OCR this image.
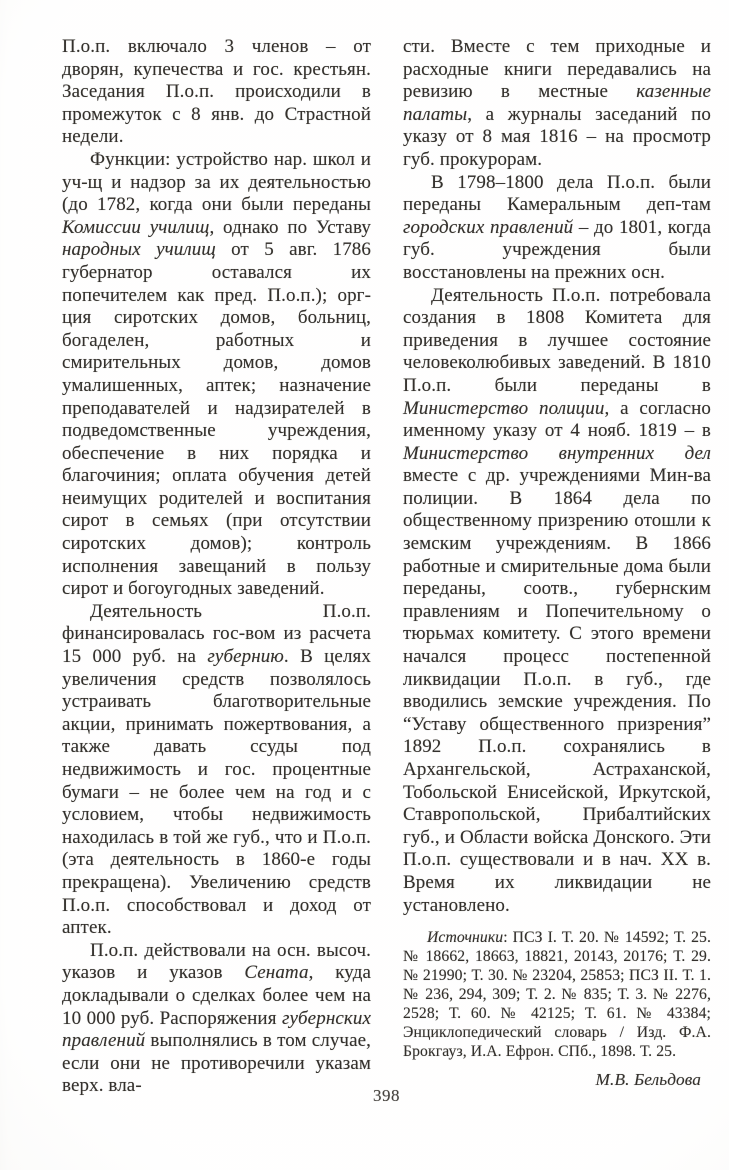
П.о.п. включало 3 членов – от дворян, купечества и гос. крестьян. Заседания П.о.п. происходили в промежуток с 8 янв. до Страстной недели.

Функции: устройство нар. школ и уч-щ и надзор за их деятельностью (до 1782, когда они были переданы Комиссии училищ, однако по Уставу народных училищ от 5 авг. 1786 губернатор оставался их попечителем как пред. П.о.п.); орг-ция сиротских домов, больниц, богаделен, работных и смирительных домов, домов умалишенных, аптек; назначение преподавателей и надзирателей в подведомственные учреждения, обеспечение в них порядка и благочиния; оплата обучения детей неимущих родителей и воспитания сирот в семьях (при отсутствии сиротских домов); контроль исполнения завещаний в пользу сирот и богоугодных заведений.

Деятельность П.о.п. финансировалась гос-вом из расчета 15 000 руб. на губернию. В целях увеличения средств позволялось устраивать благотворительные акции, принимать пожертвования, а также давать ссуды под недвижимость и гос. процентные бумаги – не более чем на год и с условием, чтобы недвижимость находилась в той же губ., что и П.о.п. (эта деятельность в 1860-е годы прекращена). Увеличению средств П.о.п. способствовал и доход от аптек.

П.о.п. действовали на осн. высоч. указов и указов Сената, куда докладывали о сделках более чем на 10 000 руб. Распоряжения губернских правлений выполнялись в том случае, если они не противоречили указам верх. вла-

сти. Вместе с тем приходные и расходные книги передавались на ревизию в местные казенные палаты, а журналы заседаний по указу от 8 мая 1816 – на просмотр губ. прокурорам.

В 1798–1800 дела П.о.п. были переданы Камеральным деп-там городских правлений – до 1801, когда губ. учреждения были восстановлены на прежних осн.

Деятельность П.о.п. потребовала создания в 1808 Комитета для приведения в лучшее состояние человеколюбивых заведений. В 1810 П.о.п. были переданы в Министерство полиции, а согласно именному указу от 4 нояб. 1819 – в Министерство внутренних дел вместе с др. учреждениями Мин-ва полиции. В 1864 дела по общественному призрению отошли к земским учреждениям. В 1866 работные и смирительные дома были переданы, соотв., губернским правлениям и Попечительному о тюрьмах комитету. С этого времени начался процесс постепенной ликвидации П.о.п. в губ., где вводились земские учреждения. По “Уставу общественного призрения” 1892 П.о.п. сохранялись в Архангельской, Астраханской, Тобольской Енисейской, Иркутской, Ставропольской, Прибалтийских губ., и Области войска Донского. Эти П.о.п. существовали и в нач. XX в. Время их ликвидации не установлено.

Источники: ПСЗ I. Т. 20. № 14592; Т. 25. № 18662, 18663, 18821, 20143, 20176; Т. 29. № 21990; Т. 30. № 23204, 25853; ПСЗ II. Т. 1. № 236, 294, 309; Т. 2. № 835; Т. 3. № 2276, 2528; Т. 60. № 42125; Т. 61. № 43384; Энциклопедический словарь / Изд. Ф.А. Брокгауз, И.А. Ефрон. СПб., 1898. Т. 25.

М.В. Бельдова
398
